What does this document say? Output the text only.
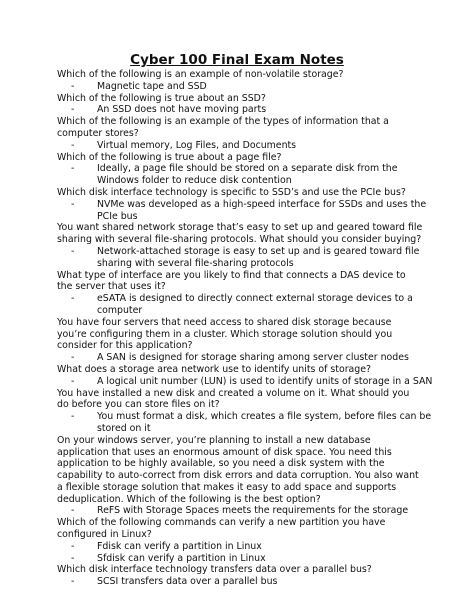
Cyber 100 Final Exam Notes
Which of the following is an example of non-volatile storage?
-	Magnetic tape and SSD
Which of the following is true about an SSD?
-	An SSD does not have moving parts
Which of the following is an example of the types of information that a
computer stores?
-	Virtual memory, Log Files, and Documents
Which of the following is true about a page file?
-	Ideally, a page file should be stored on a separate disk from the
Windows folder to reduce disk contention
Which disk interface technology is specific to SSD’s and use the PCIe bus?
-	NVMe was developed as a high-speed interface for SSDs and uses the
PCIe bus
You want shared network storage that’s easy to set up and geared toward file
sharing with several file-sharing protocols. What should you consider buying?
-	Network-attached storage is easy to set up and is geared toward file
sharing with several file-sharing protocols
What type of interface are you likely to find that connects a DAS device to
the server that uses it?
-	eSATA is designed to directly connect external storage devices to a
computer
You have four servers that need access to shared disk storage because
you’re configuring them in a cluster. Which storage solution should you
consider for this application?
-	A SAN is designed for storage sharing among server cluster nodes
What does a storage area network use to identify units of storage?
-	A logical unit number (LUN) is used to identify units of storage in a SAN
You have installed a new disk and created a volume on it. What should you
do before you can store files on it?
-	You must format a disk, which creates a file system, before files can be
stored on it
On your windows server, you’re planning to install a new database
application that uses an enormous amount of disk space. You need this
application to be highly available, so you need a disk system with the
capability to auto-correct from disk errors and data corruption. You also want
a flexible storage solution that makes it easy to add space and supports
deduplication. Which of the following is the best option?
-	ReFS with Storage Spaces meets the requirements for the storage
Which of the following commands can verify a new partition you have
configured in Linux?
-	Fdisk can verify a partition in Linux
-	Sfdisk can verify a partition in Linux
Which disk interface technology transfers data over a parallel bus?
-	SCSI transfers data over a parallel bus
